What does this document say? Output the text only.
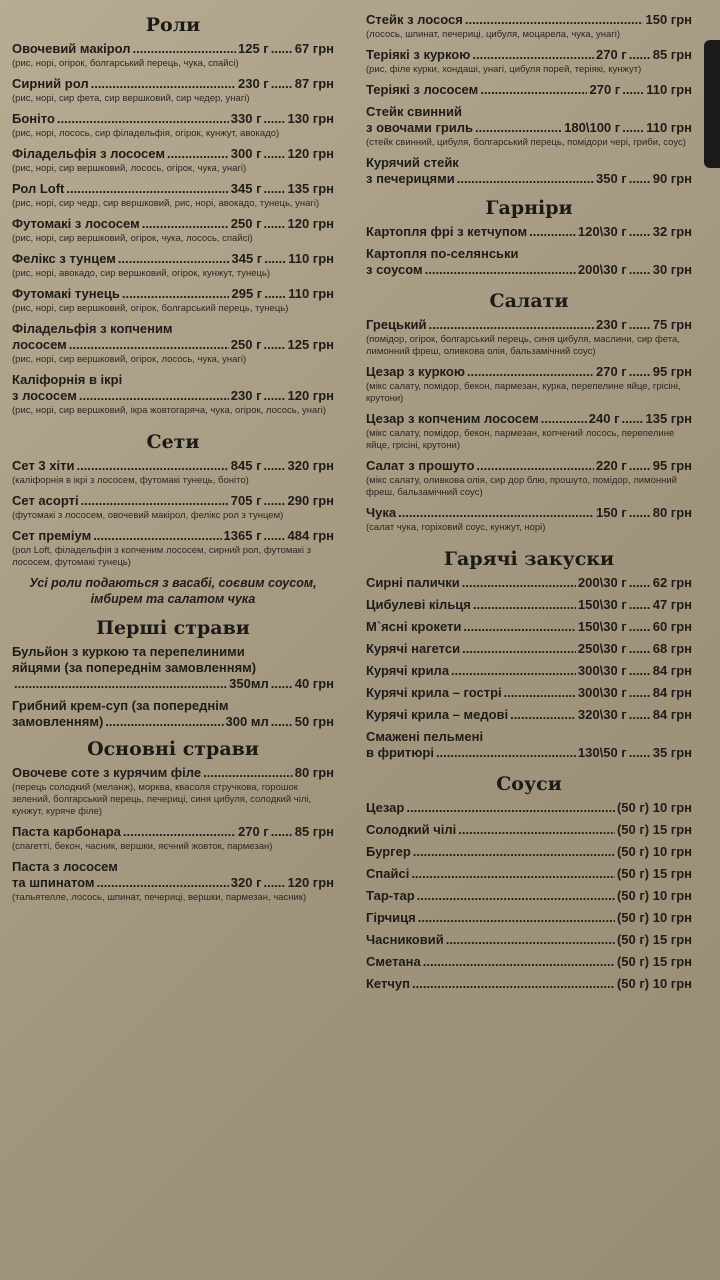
Роли
Овочевий макірол .....	125 г ..... 67 грн
(рис, норі, огірок, болгарський перець, чука, спайсі)
Сирний рол .....	230 г ..... 87 грн
(рис, норі, сир фета, сир вершковий, сир чедер, унагі)
Боніто .....	330 г ..... 130 грн
(рис, норі, лосось, сир філадельфія, огірок, кунжут, авокадо)
Філадельфія з лососем .....	300 г ..... 120 грн
(рис, норі, сир вершковий, лосось, огірок, чука, унагі)
Рол Loft .....	345 г ..... 135 грн
(рис, норі, сир чедр, сир вершковий, рис, норі, авокадо, тунець, унагі)
Футомакі з лососем .....	250 г ..... 120 грн
(рис, норі, сир вершковий, огірок, чука, лосось, спайсі)
Фелікс з тунцем .....	345 г ..... 110 грн
(рис, норі, авокадо, сир вершковий, огірок, кунжут, тунець)
Футомакі тунець .....	295 г ..... 110 грн
(рис, норі, сир вершковий, огірок, болгарський перець, тунець)
Філадельфія з копченим
лососем .....	250 г ..... 125 грн
(рис, норі, сир вершковий, огірок, лосось, чука, унагі)
Каліфорнія в ікрі
з лососем .....	230 г ..... 120 грн
(рис, норі, сир вершковий, ікра жовтогаряча, чука, огірок, лосось, унагі)
Сети
Сет 3 хіти .....	845 г ..... 320 грн
(каліфорнія в ікрі з лососем, футомакі тунець, боніто)
Сет асорті .....	705 г ..... 290 грн
(футомакі з лососем, овочевий макірол, фелікс рол з тунцем)
Сет преміум .....	1365 г ..... 484 грн
(рол Loft, філадельфія з копченим лососем, сирний рол, футомакі з лососем, футомакі тунець)
Усі роли подаються з васабі, соєвим соусом, імбирем та салатом чука
Перші страви
Бульйон з куркою та перепелиними
яйцями (за попереднім замовленням)
.....
350мл ..... 40 грн
Грибний крем-суп (за попереднім
замовленням) .....	300 мл ..... 50 грн
Основні страви
Овочеве соте з курячим філе .....	80 грн
(перець солодкий (меланж), морква, квасоля стручкова, горошок зелений, болгарський перець, печериці, синя цибуля, солодкий чілі, кунжут, куряче філе)
Паста карбонара .....	270 г ..... 85 грн
(спагетті, бекон, часник, вершки, яєчний жовток, пармезан)
Паста з лососем
та шпинатом .....	320 г ..... 120 грн
(тальятелле, лосось, шпинат, печериці, вершки, пармезан, часник)
Стейк з лосося .....	150 грн
(лосось, шпинат, печериці, цибуля, моцарела, чука, унагі)
Теріякі з куркою .....	270 г ..... 85 грн
(рис, філе курки, хондаші, унагі, цибуля порей, теріякі, кунжут)
Теріякі з лососем .....	270 г ..... 110 грн
Стейк свинний
з овочами гриль .....	180\100 г ..... 110 грн
(стейк свинний, цибуля, болгарський перець, помідори чері, гриби, соус)
Курячий стейк
з печерицями .....	350 г ..... 90 грн
Гарніри
Картопля фрі з кетчупом .....	120\30 г ..... 32 грн
Картопля по-селянськи
з соусом .....	200\30 г ..... 30 грн
Салати
Грецький .....	230 г ..... 75 грн
(помідор, огірок, болгарський перець, синя цибуля, маслини, сир фета, лимонний фреш, оливкова олія, бальзамічний соус)
Цезар з куркою .....	270 г ..... 95 грн
(мікс салату, помідор, бекон, пармезан, курка, перепелине яйце, грісіні, крутони)
Цезар з копченим лососем .....	240 г ..... 135 грн
(мікс салату, помідор, бекон, пармезан, копчений лосось, перепелине яйце, грісіні, крутони)
Салат з прошуто .....	220 г ..... 95 грн
(мікс салату, оливкова олія, сир дор блю, прошуто, помідор, лимонний фреш, бальзамічний соус)
Чука .....	150 г ..... 80 грн
(салат чука, горіховий соус, кунжут, норі)
Гарячі закуски
Сирні палички .....	200\30 г ..... 62 грн
Цибулеві кільця .....	150\30 г ..... 47 грн
М`ясні крокети .....	150\30 г ..... 60 грн
Курячі нагетси .....	250\30 г ..... 68 грн
Курячі крила .....	300\30 г ..... 84 грн
Курячі крила – гострі .....	300\30 г ..... 84 грн
Курячі крила – медові .....	320\30 г ..... 84 грн
Смажені пельмені
в фритюрі .....	130\50 г ..... 35 грн
Соуси
Цезар .....	(50 г) 10 грн
Солодкий чілі .....	(50 г) 15 грн
Бургер .....	(50 г) 10 грн
Спайсі .....	(50 г) 15 грн
Тар-тар .....	(50 г) 10 грн
Гірчиця .....	(50 г) 10 грн
Часниковий .....	(50 г) 15 грн
Сметана .....	(50 г) 15 грн
Кетчуп .....	(50 г) 10 грн
